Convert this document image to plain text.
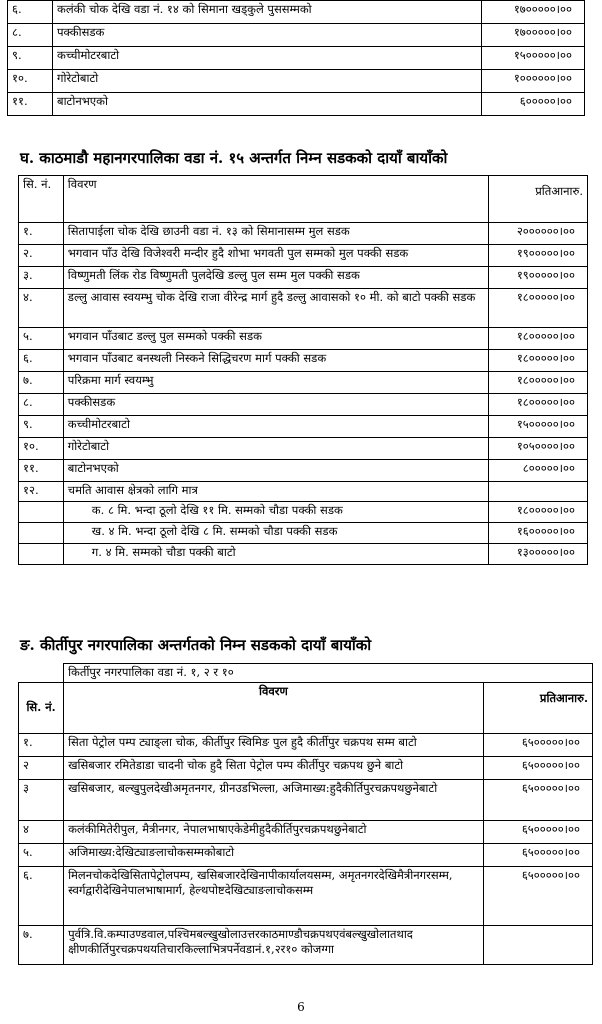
६.	कलंकी चोक देखि वडा नं. १४ को सिमाना खड्कुले पुससम्मको	१७०००००।००
८.	पक्कीसडक	१७०००००।००
९.	कच्चीमोटरबाटो	१५०००००।००
१०.	गोरेटोबाटो	१००००००।००
११.	बाटोनभएको	६०००००।००
घ. काठमाडौ महानगरपालिका वडा नं. १५ अन्तर्गत निम्न सडकको दायाँ बायाँको
सि. नं.	विवरण	प्रतिआनारु.
१.	सितापाईला चोक देखि छाउनी वडा नं. १३ को सिमानासम्म मुल सडक	२००००००।००
२.	भगवान पाँउ देखि विजेश्वरी मन्दीर हुदै शोभा भगवती पुल सम्मको मुल पक्की सडक	१९०००००।००
३.	विष्णुमती लिंक रोड विष्णुमती पुलदेखि डल्लु पुल सम्म मुल पक्की सडक	१९०००००।००
४.	डल्लु आवास स्वयम्भु चोक देखि राजा वीरेन्द्र मार्ग हुदै डल्लु आवासको १० मी. को बाटो पक्की सडक	१८०००००।००
५.	भगवान पाँउबाट डल्लु पुल सम्मको पक्की सडक	१८०००००।००
६.	भगवान पाँउबाट बनस्थली निस्कने सिद्धिचरण मार्ग पक्की सडक	१८०००००।००
७.	परिक्रमा मार्ग स्वयम्भु	१८०००००।००
८.	पक्कीसडक	१८०००००।००
९.	कच्चीमोटरबाटो	१५०००००।००
१०.	गोरेटोबाटो	१०५००००।००
११.	बाटोनभएको	८०००००।००
१२.	चमति आवास क्षेत्रको लागि मात्र	
	क. ८ मि. भन्दा ठूलो देखि ११ मि. सम्मको चौडा पक्की सडक	१८०००००।००
	ख. ४ मि. भन्दा ठूलो देखि ८ मि. सम्मको चौडा पक्की सडक	१६०००००।००
	ग. ४ मि. सम्मको चौडा पक्की बाटो	१३०००००।००
ङ. कीर्तीपुर नगरपालिका अन्तर्गतको निम्न सडकको दायाँ बायाँको
	किर्तीपुर नगरपालिका वडा नं. १, २ र १०	
सि. नं.	विवरण	प्रतिआनारु.
१.	सिता पेट्रोल पम्प ट्याङ्ला चोक, कीर्तीपुर स्विमिङ पुल हुदै कीर्तीपुर चक्रपथ सम्म बाटो	६५०००००।००
२	खसिबजार रमितेडाडा चादनी चोक हुदै सिता पेट्रोल पम्प कीर्तीपुर चक्रपथ छुने बाटो	६५०००००।००
३	खसिबजार, बल्खुपुलदेखीअमृतनगर, ग्रीनउडभिल्ला, अजिमाख्य:हुदैकीर्तिपुरचक्रपथछुनेबाटो	६५०००००।००
४	कलंकीमितेरीपुल, मैत्रीनगर, नेपालभाषाएकेडेमीहुदैकीर्तिपुरचक्रपथछुनेबाटो	६५०००००।००
५.	अजिमाख्य:देखिट्याङलाचोकसम्मकोबाटो	६५०००००।००
६.	मिलनचोकदेखिसितापेट्रोलपम्प, खसिबजारदेखिनापीकार्यालयसम्म, अमृतनगरदेखिमैत्रीनगरसम्म, स्वर्गद्वारीदेखिनेपालभाषामार्ग, हेल्थपोष्टदेखिट्याङलाचोकसम्म	६५०००००।००
७.	पुर्वत्रि.वि.कम्पाउण्डवाल,पश्चिमबल्खुखोलाउत्तरकाठमाण्डौचक्रपथएवंबल्खुखोलातथाद क्षीणकीर्तिपुरचक्रपथयतिचारकिल्लाभित्रपर्नेवडानं.१,२र१० कोजग्गा	
6
